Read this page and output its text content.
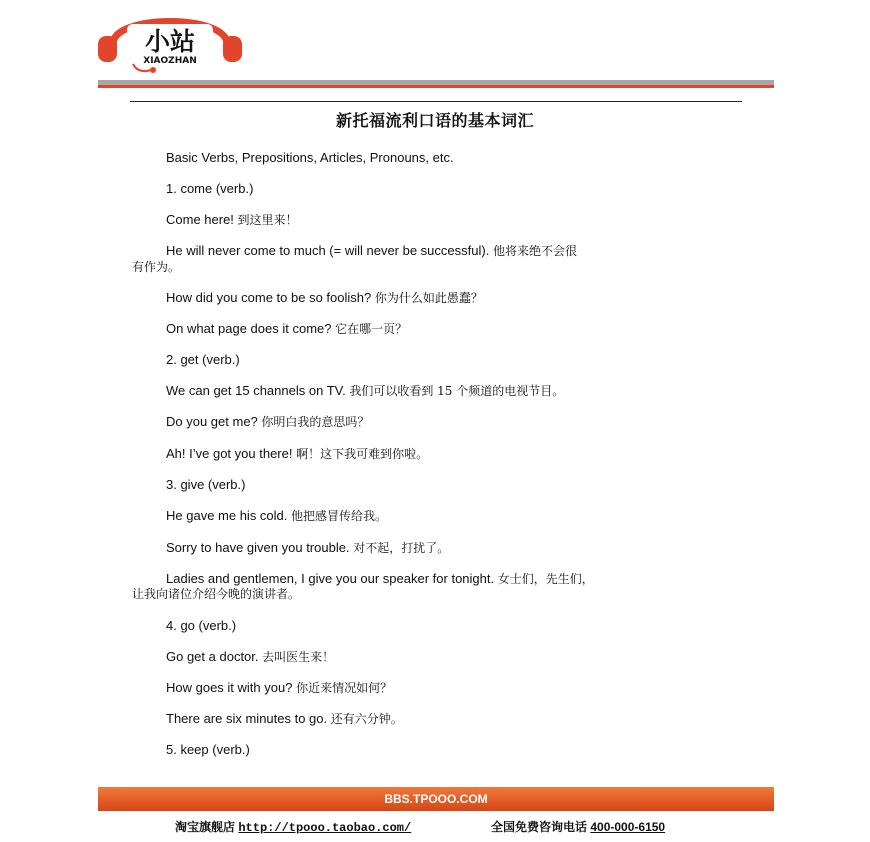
小站
XIAOZHAN
新托福流利口语的基本词汇
Basic Verbs, Prepositions, Articles, Pronouns, etc.
1. come (verb.)
Come here! 到这里来！
He will never come to much (= will never be successful). 他将来绝不会很
有作为。
How did you come to be so foolish? 你为什么如此愚蠢？
On what page does it come? 它在哪一页？
2. get (verb.)
We can get 15 channels on TV. 我们可以收看到 15 个频道的电视节目。
Do you get me? 你明白我的意思吗？
Ah! I’ve got you there! 啊！这下我可难到你啦。
3. give (verb.)
He gave me his cold. 他把感冒传给我。
Sorry to have given you trouble. 对不起，打扰了。
Ladies and gentlemen, I give you our speaker for tonight. 女士们，先生们，
让我向诸位介绍今晚的演讲者。
4. go (verb.)
Go get a doctor. 去叫医生来！
How goes it with you? 你近来情况如何？
There are six minutes to go. 还有六分钟。
5. keep (verb.)
BBS.TPOOO.COM
淘宝旗舰店 http://tpooo.taobao.com/	全国免费咨询电话 400-000-6150
